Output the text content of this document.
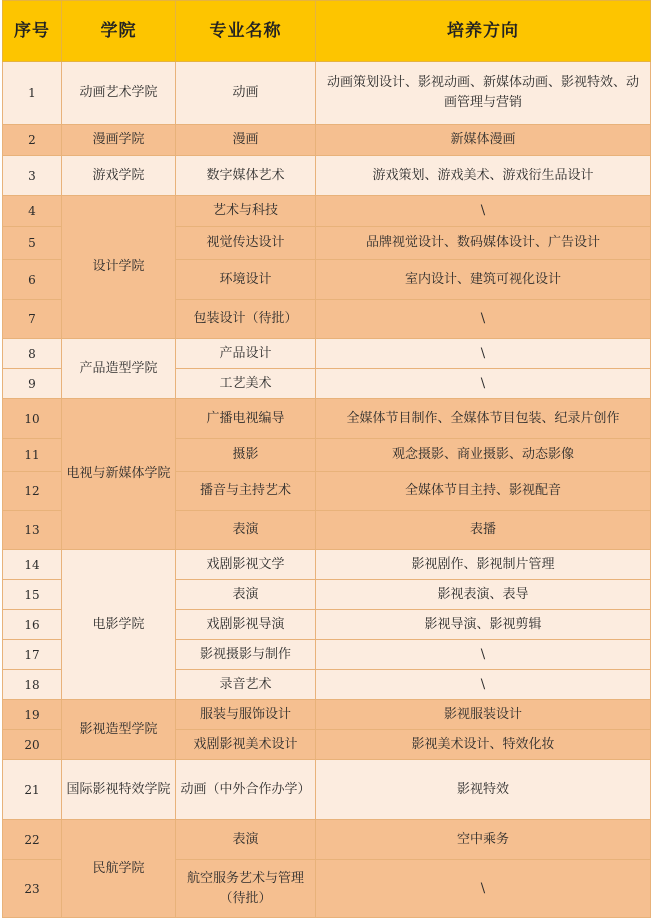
序号	学院	专业名称	培养方向
1	动画艺术学院	动画	动画策划设计、影视动画、新媒体动画、影视特效、动画管理与营销
2	漫画学院	漫画	新媒体漫画
3	游戏学院	数字媒体艺术	游戏策划、游戏美术、游戏衍生品设计
4	设计学院	艺术与科技	\
5		视觉传达设计	品牌视觉设计、数码媒体设计、广告设计
6		环境设计	室内设计、建筑可视化设计
7		包装设计（待批）	\
8	产品造型学院	产品设计	\
9		工艺美术	\
10	电视与新媒体学院	广播电视编导	全媒体节目制作、全媒体节目包装、纪录片创作
11		摄影	观念摄影、商业摄影、动态影像
12		播音与主持艺术	全媒体节目主持、影视配音
13		表演	表播
14	电影学院	戏剧影视文学	影视剧作、影视制片管理
15		表演	影视表演、表导
16		戏剧影视导演	影视导演、影视剪辑
17		影视摄影与制作	\
18		录音艺术	\
19	影视造型学院	服装与服饰设计	影视服装设计
20		戏剧影视美术设计	影视美术设计、特效化妆
21	国际影视特效学院	动画（中外合作办学）	影视特效
22	民航学院	表演	空中乘务
23		航空服务艺术与管理（待批）	\
